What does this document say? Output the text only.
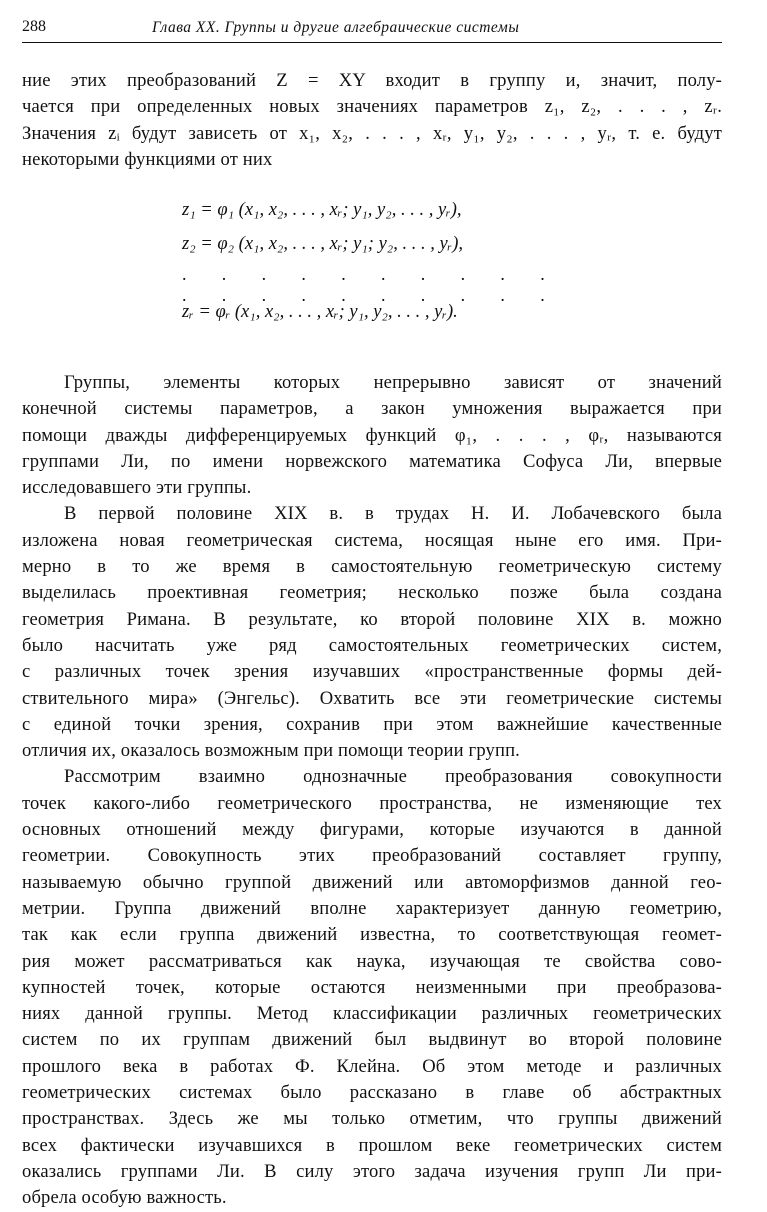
288	Глава XX. Группы и другие алгебраические системы

ние этих преобразований Z = XY входит в группу и, значит, полу-

чается при определенных новых значениях параметров z₁, z₂, . . . , zᵣ.

Значения zᵢ будут зависеть от x₁, x₂, . . . , xᵣ, y₁, y₂, . . . , yᵣ, т. е. будут

некоторыми функциями от них

z₁ = φ₁ (x₁, x₂, . . . , xᵣ; y₁, y₂, . . . , yᵣ),
z₂ = φ₂ (x₁, x₂, . . . , xᵣ; y₁; y₂, . . . , yᵣ),
. . . . . . . . . . . . . . . . . . . .
zᵣ = φᵣ (x₁, x₂, . . . , xᵣ; y₁, y₂, . . . , yᵣ).

Группы, элементы которых непрерывно зависят от значений

конечной системы параметров, а закон умножения выражается при

помощи дважды дифференцируемых функций φ₁, . . . , φᵣ, называются

группами Ли, по имени норвежского математика Софуса Ли, впервые

исследовавшего эти группы.

В первой половине XIX в. в трудах Н. И. Лобачевского была

изложена новая геометрическая система, носящая ныне его имя. При-

мерно в то же время в самостоятельную геометрическую систему

выделилась проективная геометрия; несколько позже была создана

геометрия Римана. В результате, ко второй половине XIX в. можно

было насчитать уже ряд самостоятельных геометрических систем,

с различных точек зрения изучавших «пространственные формы дей-

ствительного мира» (Энгельс). Охватить все эти геометрические системы

с единой точки зрения, сохранив при этом важнейшие качественные

отличия их, оказалось возможным при помощи теории групп.

Рассмотрим взаимно однозначные преобразования совокупности

точек какого-либо геометрического пространства, не изменяющие тех

основных отношений между фигурами, которые изучаются в данной

геометрии. Совокупность этих преобразований составляет группу,

называемую обычно группой движений или автоморфизмов данной гео-

метрии. Группа движений вполне характеризует данную геометрию,

так как если группа движений известна, то соответствующая геомет-

рия может рассматриваться как наука, изучающая те свойства сово-

купностей точек, которые остаются неизменными при преобразова-

ниях данной группы. Метод классификации различных геометрических

систем по их группам движений был выдвинут во второй половине

прошлого века в работах Ф. Клейна. Об этом методе и различных

геометрических системах было рассказано в главе об абстрактных

пространствах. Здесь же мы только отметим, что группы движений

всех фактически изучавшихся в прошлом веке геометрических систем

оказались группами Ли. В силу этого задача изучения групп Ли при-

обрела особую важность.
